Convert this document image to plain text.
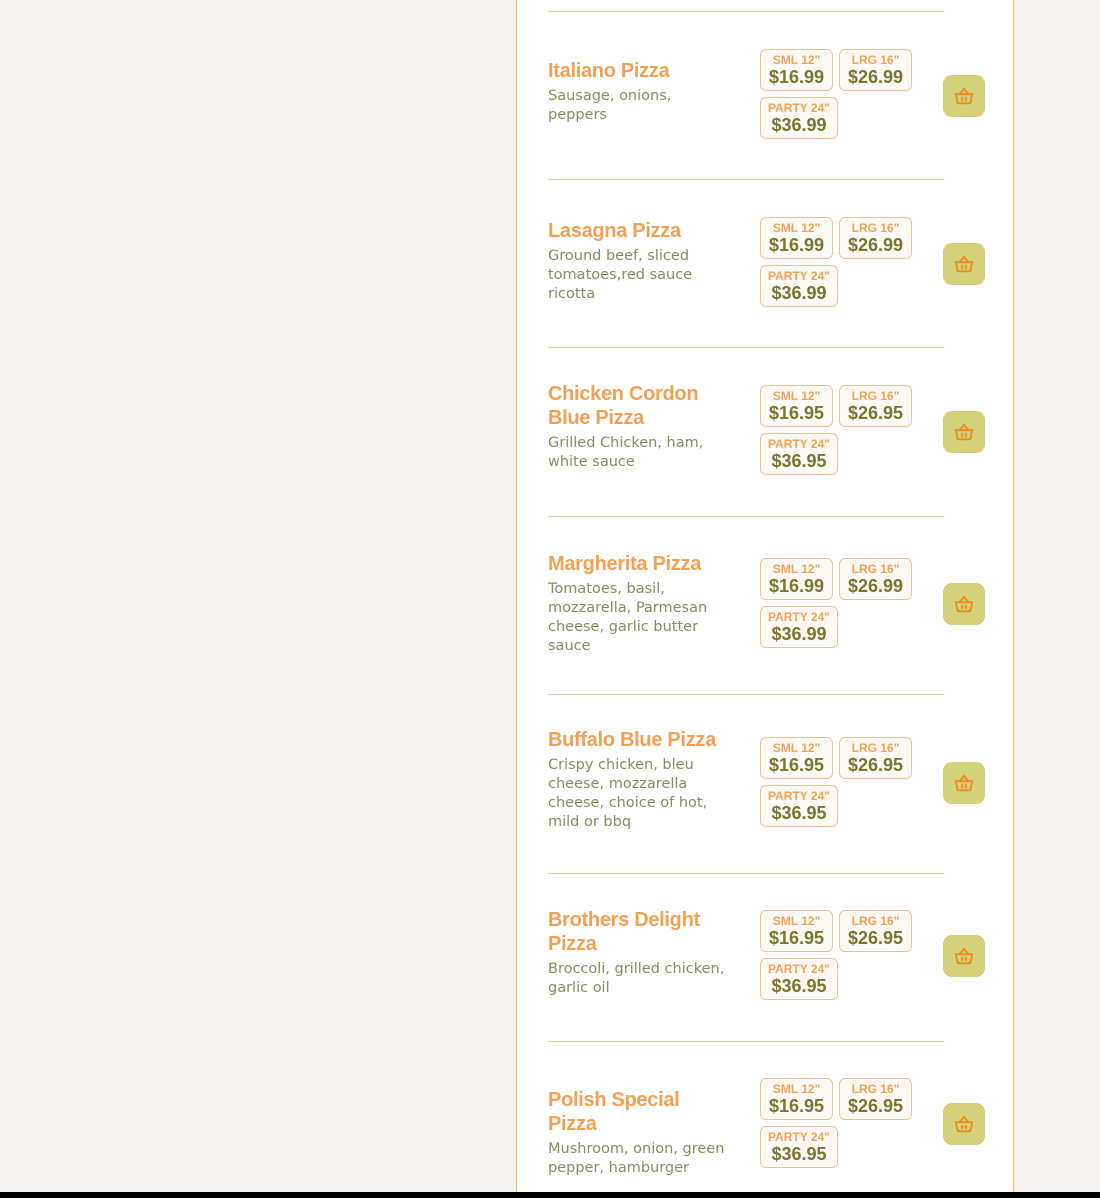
Italiano Pizza
Sausage, onions, peppers
SML 12"
$16.99
LRG 16"
$26.99
PARTY 24"
$36.99
Lasagna Pizza
Ground beef, sliced tomatoes,red sauce ricotta
SML 12"
$16.99
LRG 16"
$26.99
PARTY 24"
$36.99
Chicken Cordon Blue Pizza
Grilled Chicken, ham, white sauce
SML 12"
$16.95
LRG 16"
$26.95
PARTY 24"
$36.95
Margherita Pizza
Tomatoes, basil, mozzarella, Parmesan cheese, garlic butter sauce
SML 12"
$16.99
LRG 16"
$26.99
PARTY 24"
$36.99
Buffalo Blue Pizza
Crispy chicken, bleu cheese, mozzarella cheese, choice of hot, mild or bbq
SML 12"
$16.95
LRG 16"
$26.95
PARTY 24"
$36.95
Brothers Delight Pizza
Broccoli, grilled chicken, garlic oil
SML 12"
$16.95
LRG 16"
$26.95
PARTY 24"
$36.95
Polish Special Pizza
Mushroom, onion, green pepper, hamburger
SML 12"
$16.95
LRG 16"
$26.95
PARTY 24"
$36.95
